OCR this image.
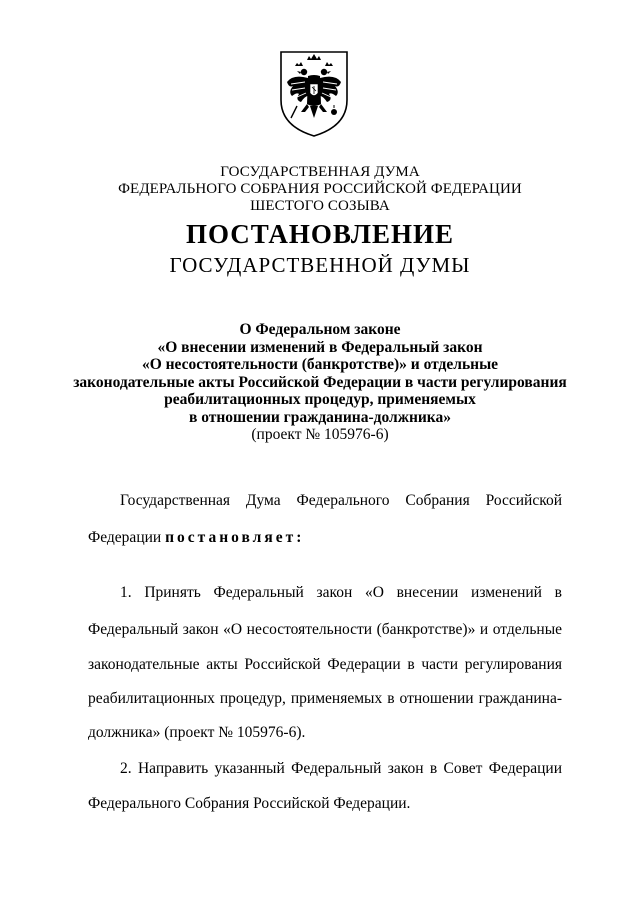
ГОСУДАРСТВЕННАЯ ДУМА
ФЕДЕРАЛЬНОГО СОБРАНИЯ РОССИЙСКОЙ ФЕДЕРАЦИИ
ШЕСТОГО СОЗЫВА
ПОСТАНОВЛЕНИЕ
ГОСУДАРСТВЕННОЙ ДУМЫ
О Федеральном законе
«О внесении изменений в Федеральный закон
«О несостоятельности (банкротстве)» и отдельные
законодательные акты Российской Федерации в части регулирования
реабилитационных процедур, применяемых
в отношении гражданина-должника»
(проект № 105976-6)
Государственная Дума Федерального Собрания Российской
Федерации постановляет:
1. Принять Федеральный закон «О внесении изменений в
Федеральный закон «О несостоятельности (банкротстве)» и отдельные
законодательные акты Российской Федерации в части регулирования
реабилитационных процедур, применяемых в отношении гражданина-
должника» (проект № 105976-6).
2. Направить указанный Федеральный закон в Совет Федерации
Федерального Собрания Российской Федерации.
